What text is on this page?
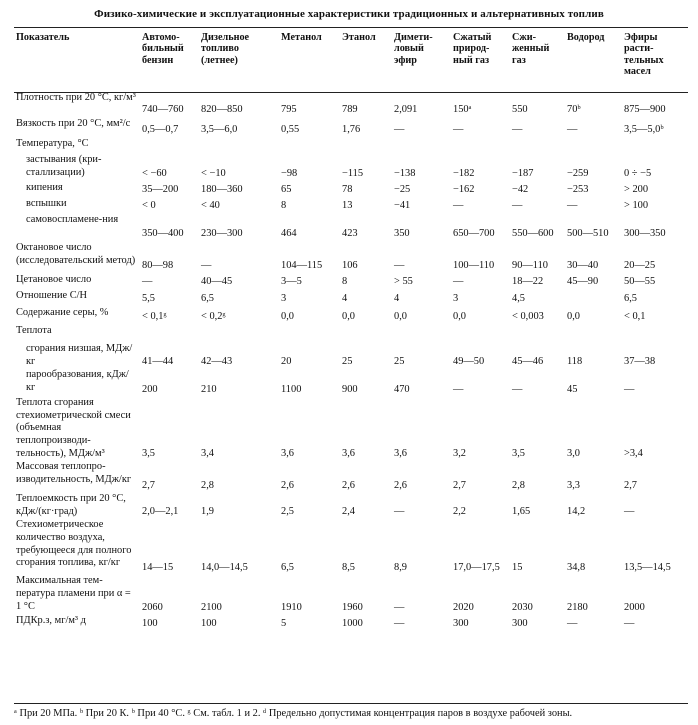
Физико-химические и эксплуатационные характеристики традиционных и альтернативных топлив
Показатель	Автомо-бильный бензин	Дизельное топливо (летнее)	Метанол	Этанол	Димети-ловый эфир	Сжатый природ-ный газ	Сжи-женный газ	Водород	Эфиры расти-тельных масел
Плотность при 20 °С, кг/м³	740—760	820—850	795	789	2,091	150ᵃ	550	70ᵇ	875—900
Вязкость при 20 °С, мм²/с	0,5—0,7	3,5—6,0	0,55	1,76	—	—	—	—	3,5—5,0ᵇ
Температура, °С									
застывания (кри-сталлизации)	< −60	< −10	−98	−115	−138	−182	−187	−259	0 ÷ −5
кипения	35—200	180—360	65	78	−25	−162	−42	−253	> 200
вспышки	< 0	< 40	8	13	−41	—	—	—	> 100
самовоспламене-ния	350—400	230—300	464	423	350	650—700	550—600	500—510	300—350
Октановое число (исследовательский метод)	80—98	—	104—115	106	—	100—110	90—110	30—40	20—25
Цетановое число	—	40—45	3—5	8	> 55	—	18—22	45—90	50—55
Отношение С/Н	5,5	6,5	3	4	4	3	4,5		6,5
Содержание серы, %	< 0,1ᵍ	< 0,2ᵍ	0,0	0,0	0,0	0,0	< 0,003	0,0	< 0,1
Теплота									
сгорания низшая, МДж/кг	41—44	42—43	20	25	25	49—50	45—46	118	37—38
парообразования, кДж/кг	200	210	1100	900	470	—	—	45	—
Теплота сгорания стехиометрической смеси (объемная теплопроизводи-тельность), МДж/м³	3,5	3,4	3,6	3,6	3,6	3,2	3,5	3,0	>3,4
Массовая теплопро-изводительность, МДж/кг	2,7	2,8	2,6	2,6	2,6	2,7	2,8	3,3	2,7
Теплоемкость при 20 °С, кДж/(кг·град)	2,0—2,1	1,9	2,5	2,4	—	2,2	1,65	14,2	—
Стехиометрическое количество воздуха, требующееся для полного сгорания топлива, кг/кг	14—15	14,0—14,5	6,5	8,5	8,9	17,0—17,5	15	34,8	13,5—14,5
Максимальная тем-пература пламени при α = 1 °С	2060	2100	1910	1960	—	2020	2030	2180	2000
ПДКр.з, мг/м³ д	100	100	5	1000	—	300	300	—	—
ᵃ При 20 МПа. ᵇ При 20 К. ᵇ При 40 °С. ᵍ См. табл. 1 и 2. ᵈ Предельно допустимая концентрация паров в воздухе рабочей зоны.
